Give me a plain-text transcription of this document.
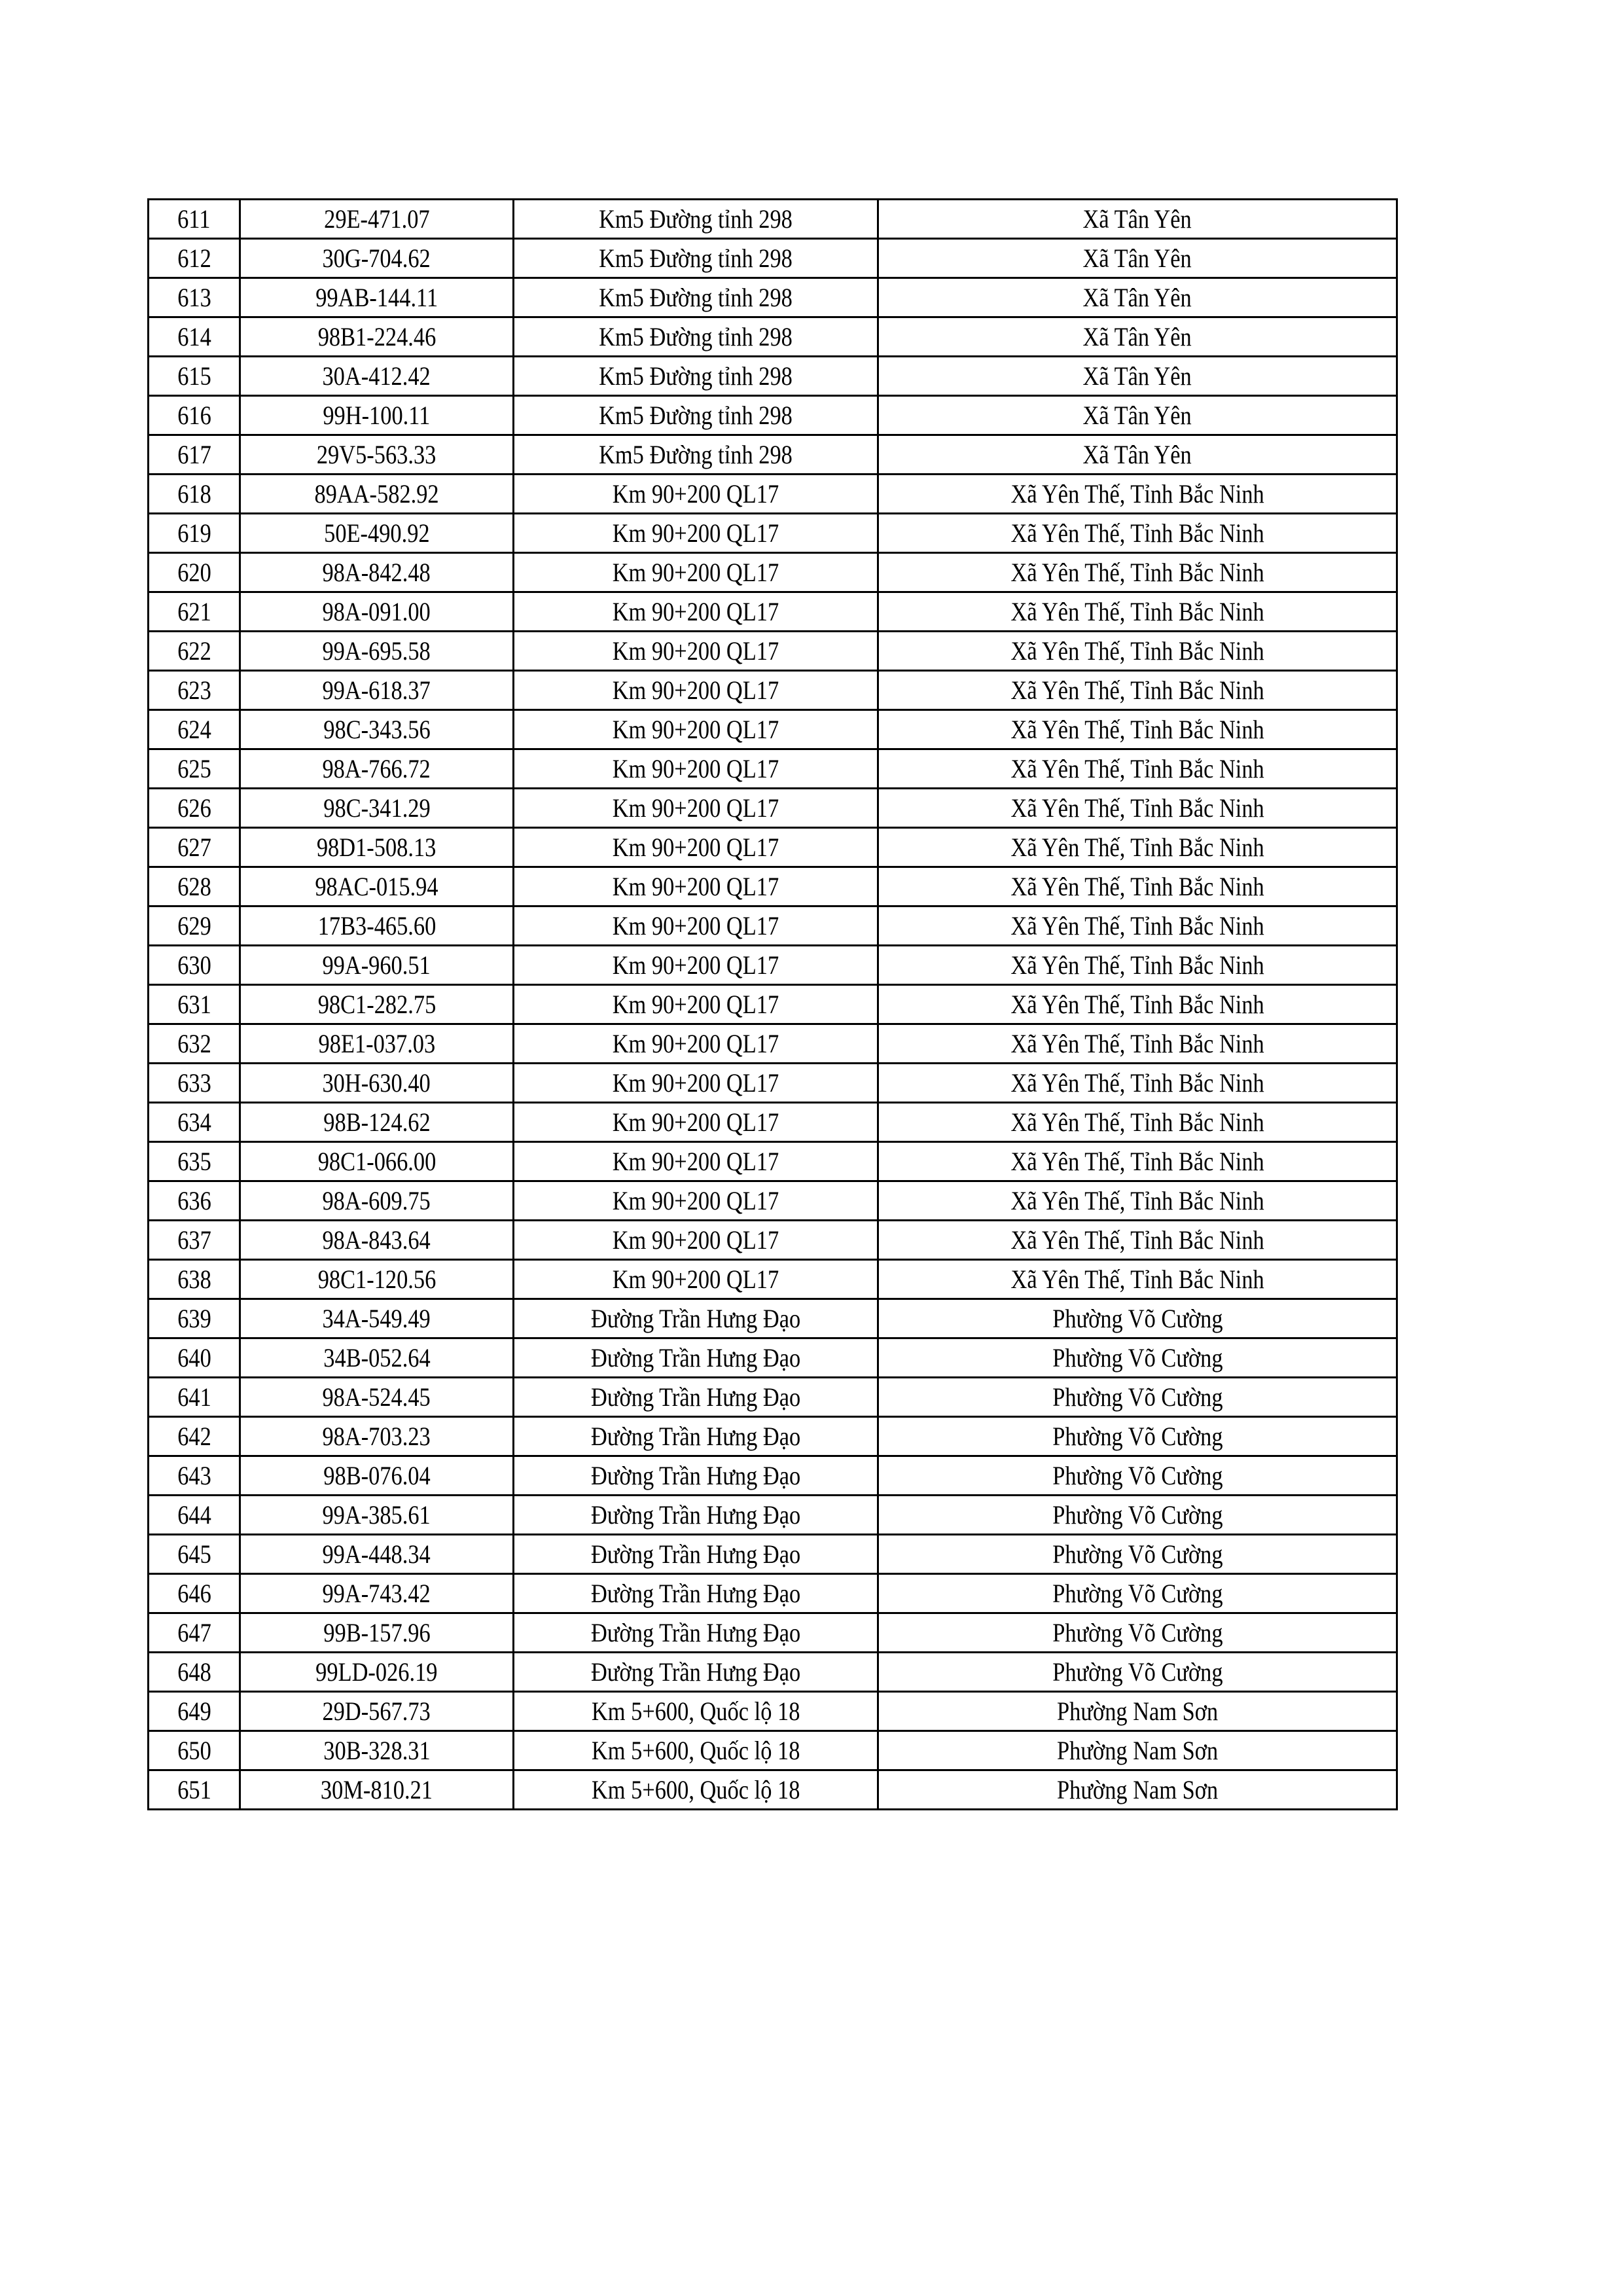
611	29E-471.07	Km5 Đường tỉnh 298	Xã Tân Yên
612	30G-704.62	Km5 Đường tỉnh 298	Xã Tân Yên
613	99AB-144.11	Km5 Đường tỉnh 298	Xã Tân Yên
614	98B1-224.46	Km5 Đường tỉnh 298	Xã Tân Yên
615	30A-412.42	Km5 Đường tỉnh 298	Xã Tân Yên
616	99H-100.11	Km5 Đường tỉnh 298	Xã Tân Yên
617	29V5-563.33	Km5 Đường tỉnh 298	Xã Tân Yên
618	89AA-582.92	Km 90+200 QL17	Xã Yên Thế, Tỉnh Bắc Ninh
619	50E-490.92	Km 90+200 QL17	Xã Yên Thế, Tỉnh Bắc Ninh
620	98A-842.48	Km 90+200 QL17	Xã Yên Thế, Tỉnh Bắc Ninh
621	98A-091.00	Km 90+200 QL17	Xã Yên Thế, Tỉnh Bắc Ninh
622	99A-695.58	Km 90+200 QL17	Xã Yên Thế, Tỉnh Bắc Ninh
623	99A-618.37	Km 90+200 QL17	Xã Yên Thế, Tỉnh Bắc Ninh
624	98C-343.56	Km 90+200 QL17	Xã Yên Thế, Tỉnh Bắc Ninh
625	98A-766.72	Km 90+200 QL17	Xã Yên Thế, Tỉnh Bắc Ninh
626	98C-341.29	Km 90+200 QL17	Xã Yên Thế, Tỉnh Bắc Ninh
627	98D1-508.13	Km 90+200 QL17	Xã Yên Thế, Tỉnh Bắc Ninh
628	98AC-015.94	Km 90+200 QL17	Xã Yên Thế, Tỉnh Bắc Ninh
629	17B3-465.60	Km 90+200 QL17	Xã Yên Thế, Tỉnh Bắc Ninh
630	99A-960.51	Km 90+200 QL17	Xã Yên Thế, Tỉnh Bắc Ninh
631	98C1-282.75	Km 90+200 QL17	Xã Yên Thế, Tỉnh Bắc Ninh
632	98E1-037.03	Km 90+200 QL17	Xã Yên Thế, Tỉnh Bắc Ninh
633	30H-630.40	Km 90+200 QL17	Xã Yên Thế, Tỉnh Bắc Ninh
634	98B-124.62	Km 90+200 QL17	Xã Yên Thế, Tỉnh Bắc Ninh
635	98C1-066.00	Km 90+200 QL17	Xã Yên Thế, Tỉnh Bắc Ninh
636	98A-609.75	Km 90+200 QL17	Xã Yên Thế, Tỉnh Bắc Ninh
637	98A-843.64	Km 90+200 QL17	Xã Yên Thế, Tỉnh Bắc Ninh
638	98C1-120.56	Km 90+200 QL17	Xã Yên Thế, Tỉnh Bắc Ninh
639	34A-549.49	Đường Trần Hưng Đạo	Phường Võ Cường
640	34B-052.64	Đường Trần Hưng Đạo	Phường Võ Cường
641	98A-524.45	Đường Trần Hưng Đạo	Phường Võ Cường
642	98A-703.23	Đường Trần Hưng Đạo	Phường Võ Cường
643	98B-076.04	Đường Trần Hưng Đạo	Phường Võ Cường
644	99A-385.61	Đường Trần Hưng Đạo	Phường Võ Cường
645	99A-448.34	Đường Trần Hưng Đạo	Phường Võ Cường
646	99A-743.42	Đường Trần Hưng Đạo	Phường Võ Cường
647	99B-157.96	Đường Trần Hưng Đạo	Phường Võ Cường
648	99LD-026.19	Đường Trần Hưng Đạo	Phường Võ Cường
649	29D-567.73	Km 5+600, Quốc lộ 18	Phường Nam Sơn
650	30B-328.31	Km 5+600, Quốc lộ 18	Phường Nam Sơn
651	30M-810.21	Km 5+600, Quốc lộ 18	Phường Nam Sơn
